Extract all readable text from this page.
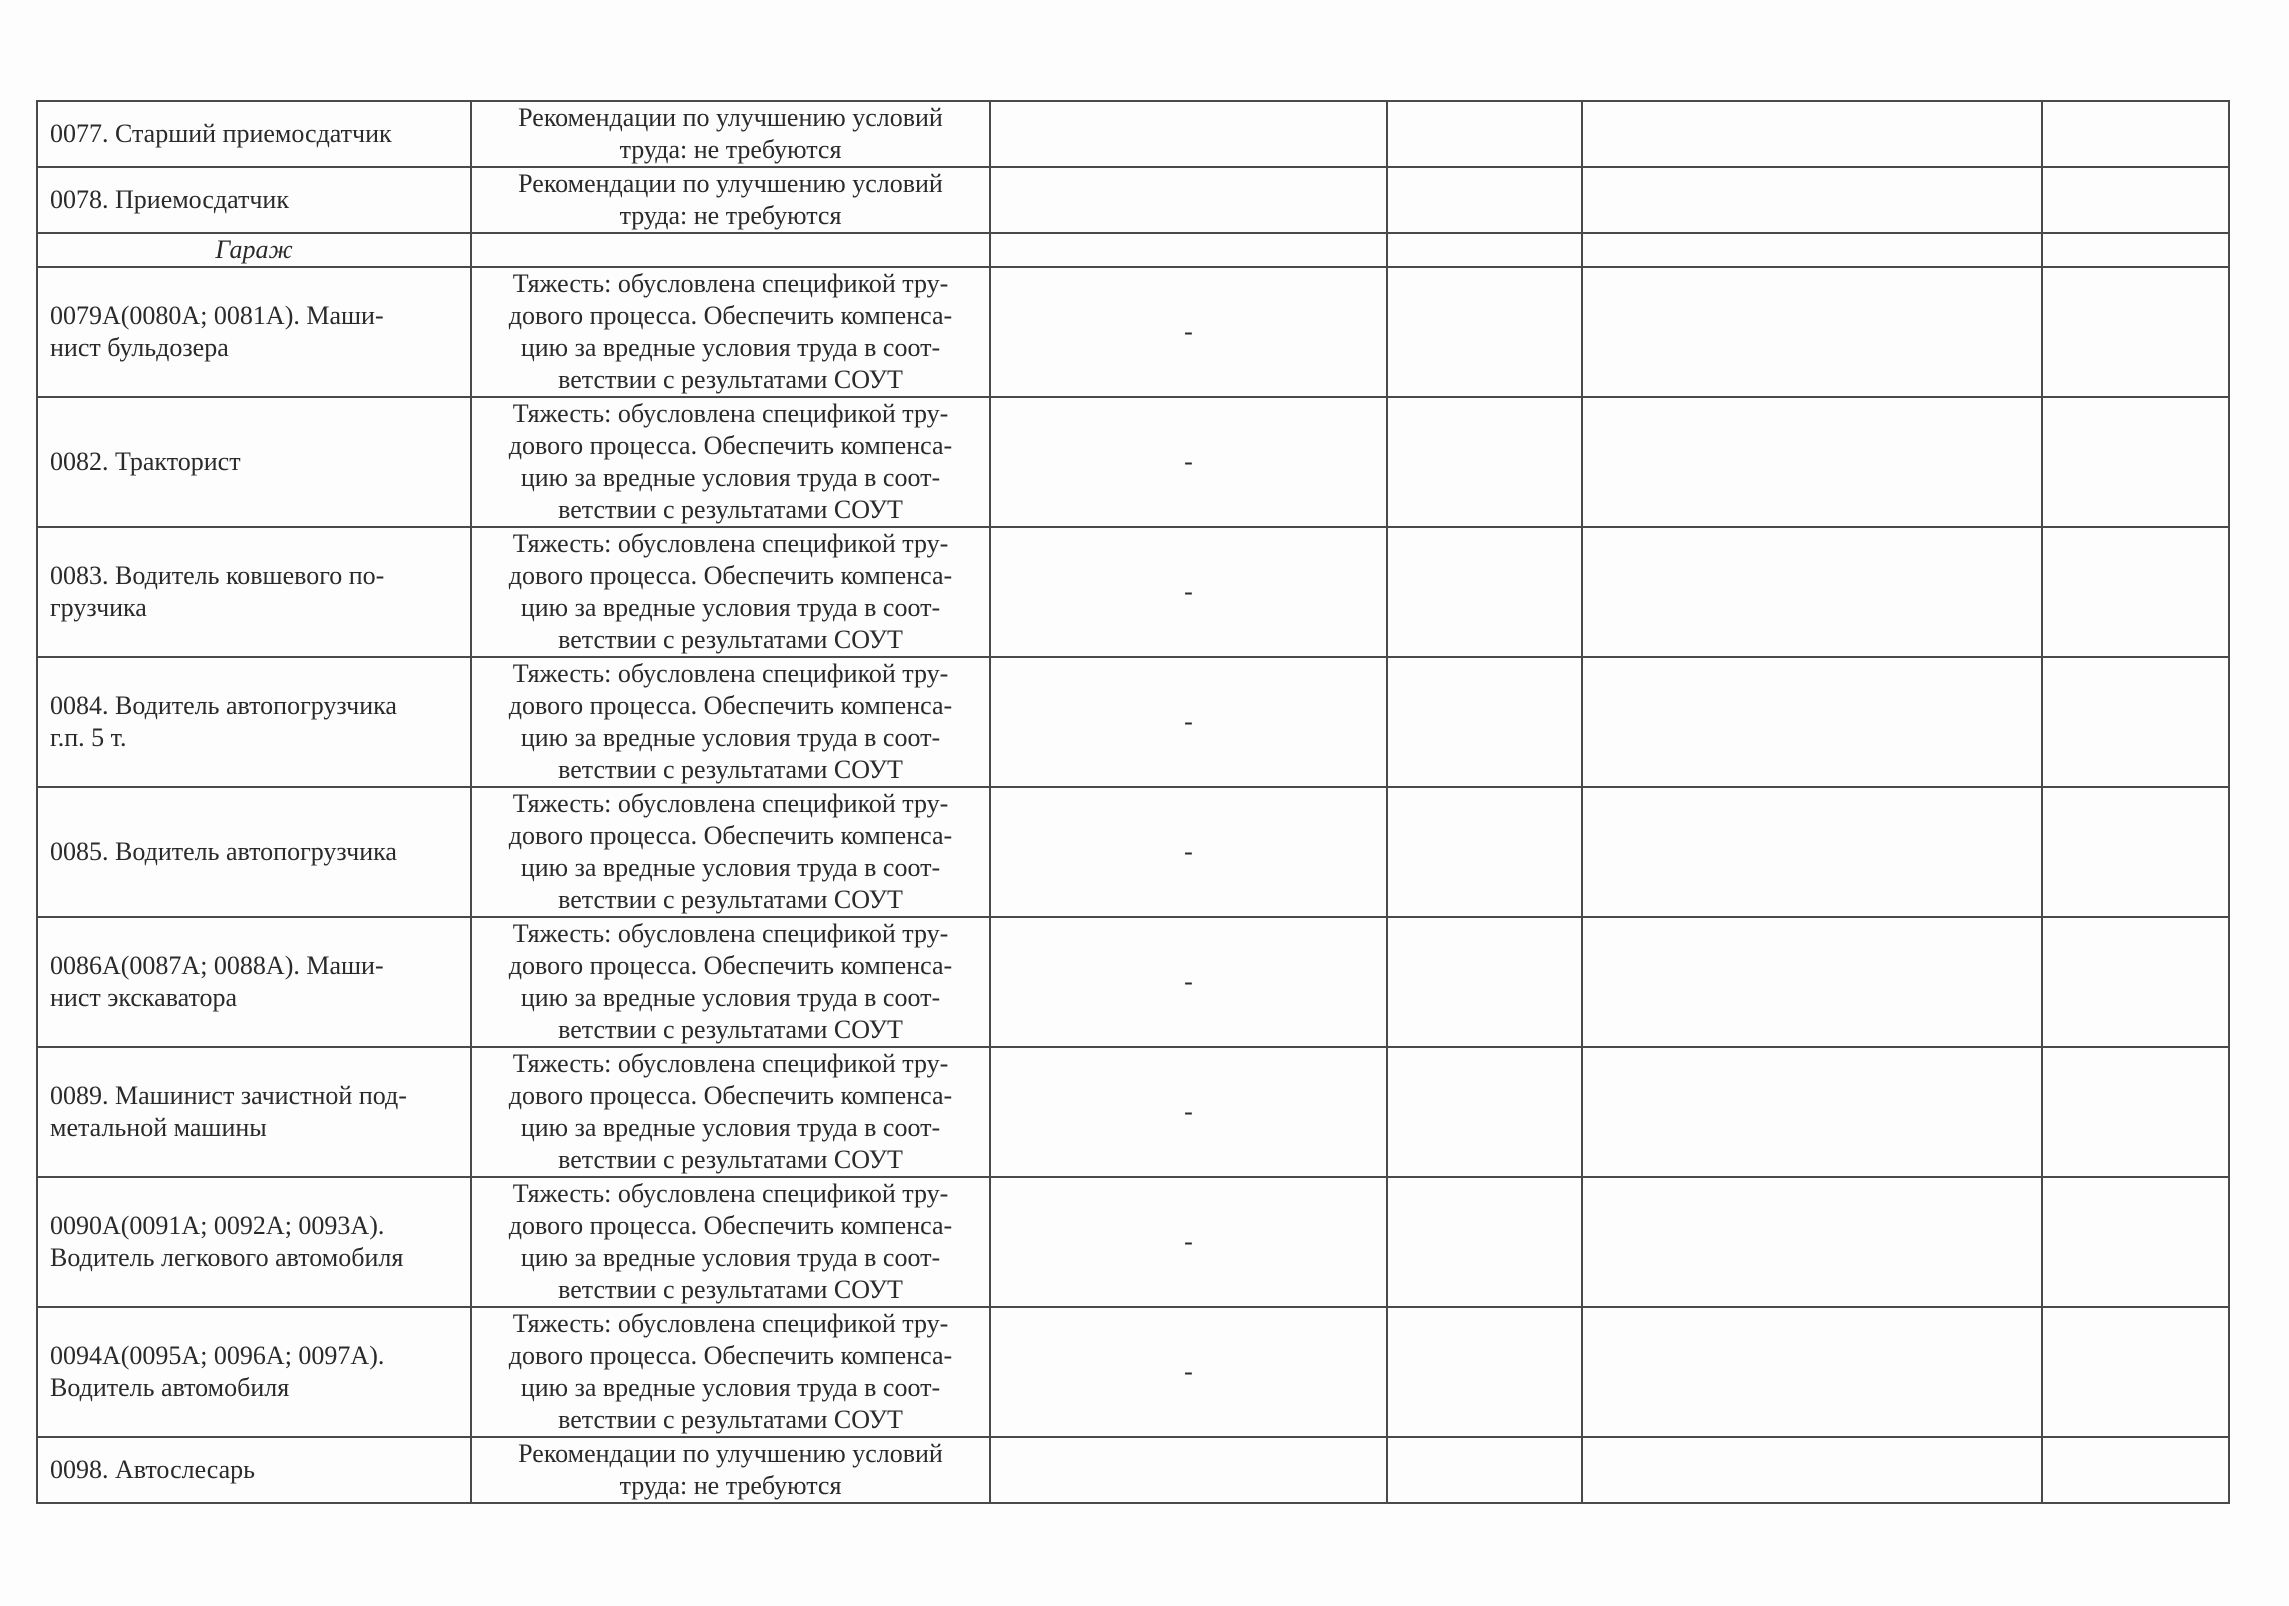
0077. Старший приемосдатчик	Рекомендации по улучшению условий
труда: не требуются				

0078. Приемосдатчик	Рекомендации по улучшению условий
труда: не требуются				

Гараж					

0079А(0080А; 0081А). Маши-
нист бульдозера	Тяжесть: обусловлена спецификой тру-
дового процесса. Обеспечить компенса-
цию за вредные условия труда в соот-
ветствии с результатами СОУТ	-			

0082. Тракторист	Тяжесть: обусловлена спецификой тру-
дового процесса. Обеспечить компенса-
цию за вредные условия труда в соот-
ветствии с результатами СОУТ	-			

0083. Водитель ковшевого по-
грузчика	Тяжесть: обусловлена спецификой тру-
дового процесса. Обеспечить компенса-
цию за вредные условия труда в соот-
ветствии с результатами СОУТ	-			

0084. Водитель автопогрузчика
г.п. 5 т.	Тяжесть: обусловлена спецификой тру-
дового процесса. Обеспечить компенса-
цию за вредные условия труда в соот-
ветствии с результатами СОУТ	-			

0085. Водитель автопогрузчика	Тяжесть: обусловлена спецификой тру-
дового процесса. Обеспечить компенса-
цию за вредные условия труда в соот-
ветствии с результатами СОУТ	-			

0086А(0087А; 0088А). Маши-
нист экскаватора	Тяжесть: обусловлена спецификой тру-
дового процесса. Обеспечить компенса-
цию за вредные условия труда в соот-
ветствии с результатами СОУТ	-			

0089. Машинист зачистной под-
метальной машины	Тяжесть: обусловлена спецификой тру-
дового процесса. Обеспечить компенса-
цию за вредные условия труда в соот-
ветствии с результатами СОУТ	-			

0090А(0091А; 0092А; 0093А).
Водитель легкового автомобиля	Тяжесть: обусловлена спецификой тру-
дового процесса. Обеспечить компенса-
цию за вредные условия труда в соот-
ветствии с результатами СОУТ	-			

0094А(0095А; 0096А; 0097А).
Водитель автомобиля	Тяжесть: обусловлена спецификой тру-
дового процесса. Обеспечить компенса-
цию за вредные условия труда в соот-
ветствии с результатами СОУТ	-			

0098. Автослесарь	Рекомендации по улучшению условий
труда: не требуются				
